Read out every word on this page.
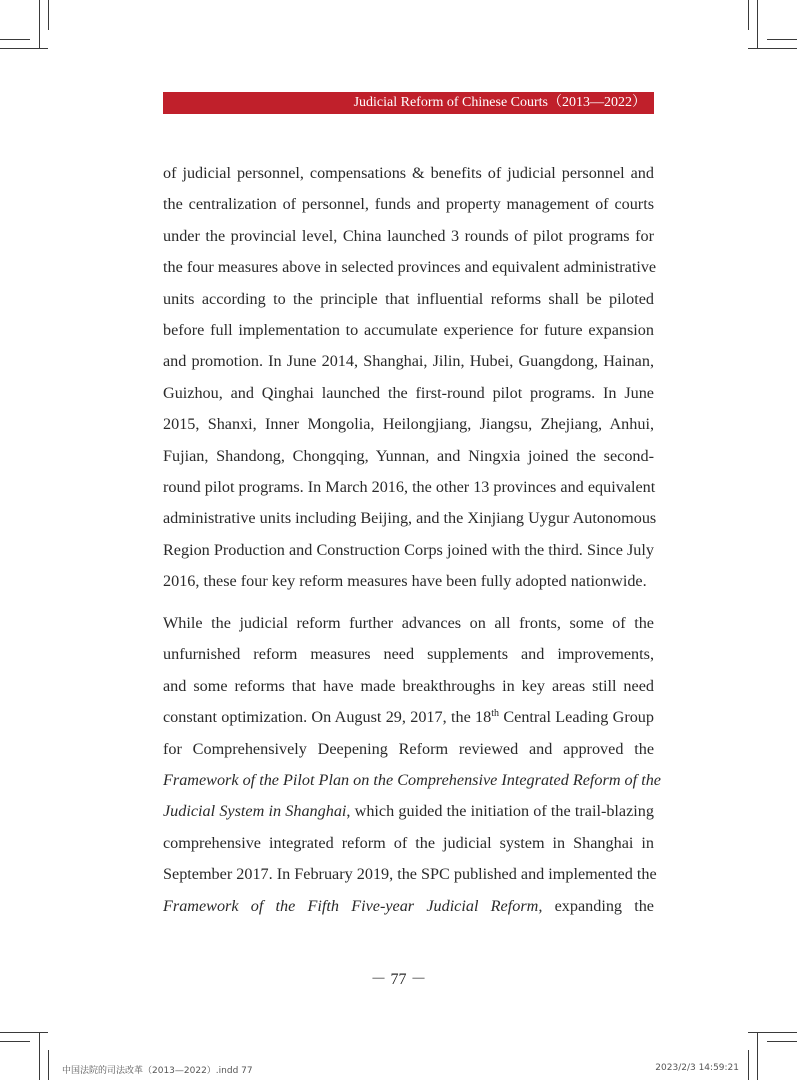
Judicial Reform of Chinese Courts（2013—2022）
of judicial personnel, compensations & benefits of judicial personnel and
the centralization of personnel, funds and property management of courts
under the provincial level, China launched 3 rounds of pilot programs for
the four measures above in selected provinces and equivalent administrative
units according to the principle that influential reforms shall be piloted
before full implementation to accumulate experience for future expansion
and promotion. In June 2014, Shanghai, Jilin, Hubei, Guangdong, Hainan,
Guizhou, and Qinghai launched the first-round pilot programs. In June
2015, Shanxi, Inner Mongolia, Heilongjiang, Jiangsu, Zhejiang, Anhui,
Fujian, Shandong, Chongqing, Yunnan, and Ningxia joined the second-
round pilot programs. In March 2016, the other 13 provinces and equivalent
administrative units including Beijing, and the Xinjiang Uygur Autonomous
Region Production and Construction Corps joined with the third. Since July
2016, these four key reform measures have been fully adopted nationwide.
While the judicial reform further advances on all fronts, some of the
unfurnished reform measures need supplements and improvements,
and some reforms that have made breakthroughs in key areas still need
constant optimization. On August 29, 2017, the 18th Central Leading Group
for Comprehensively Deepening Reform reviewed and approved the
Framework of the Pilot Plan on the Comprehensive Integrated Reform of the
Judicial System in Shanghai, which guided the initiation of the trail-blazing
comprehensive integrated reform of the judicial system in Shanghai in
September 2017. In February 2019, the SPC published and implemented the
Framework of the Fifth Five-year Judicial Reform, expanding the
－ 77 －
中国法院的司法改革（2013—2022）.indd 77	2023/2/3 14:59:21
